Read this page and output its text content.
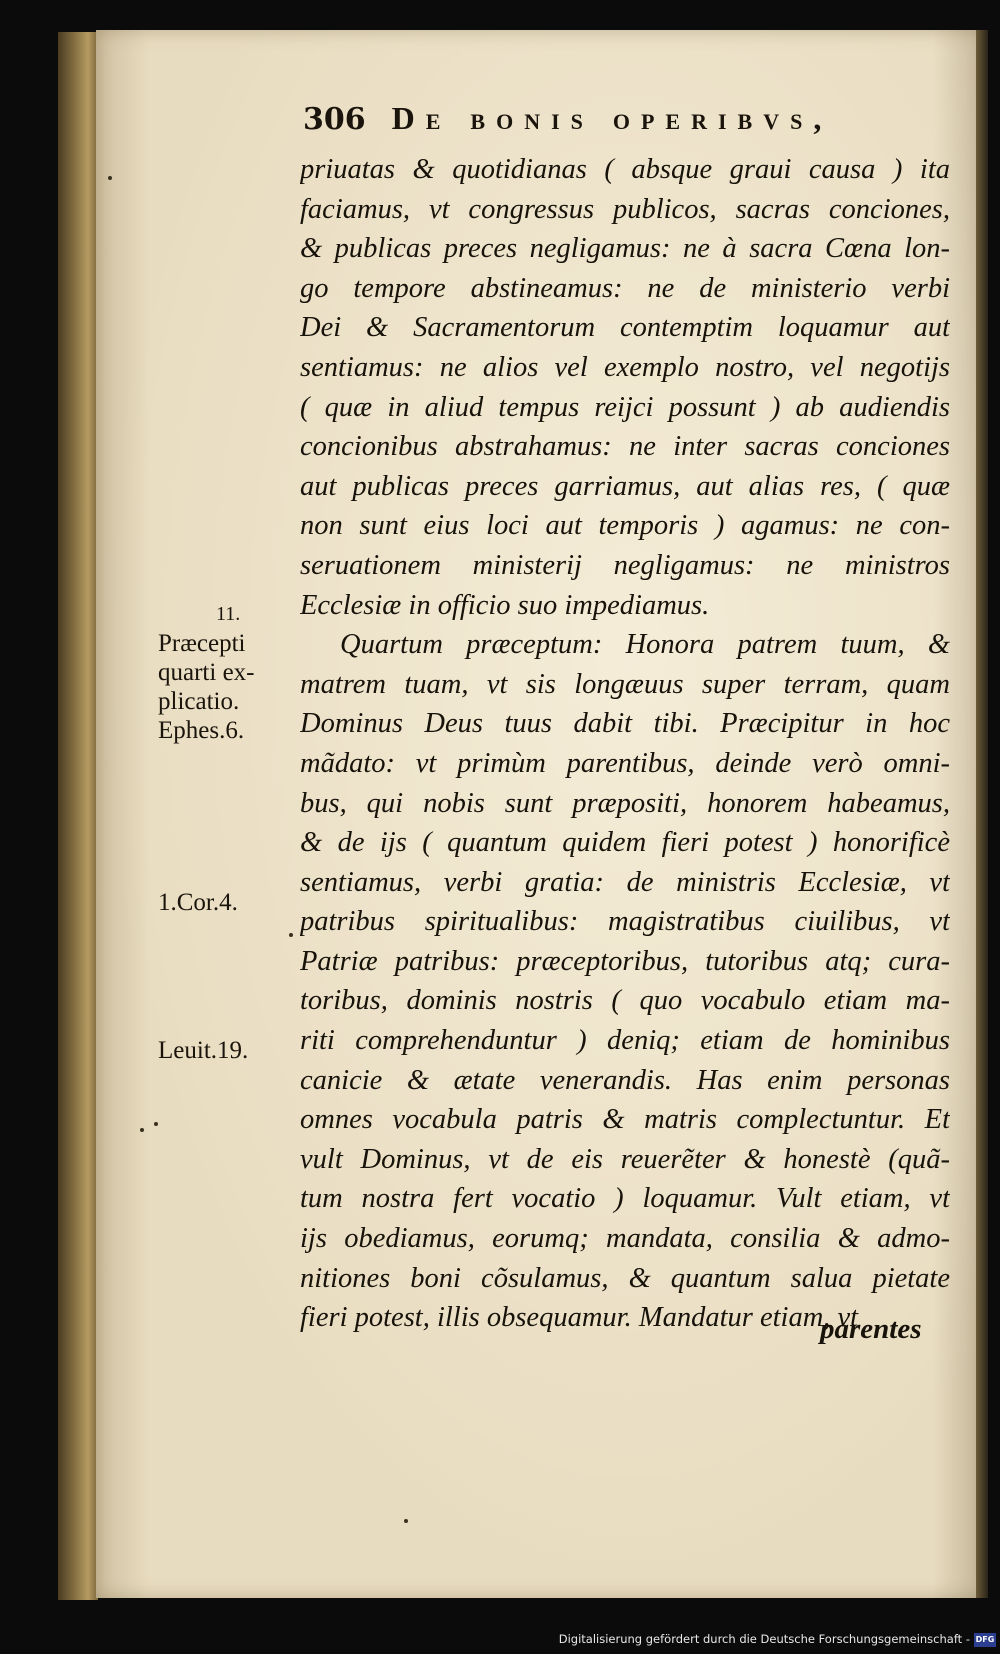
306 De bonis operibvs,
priuatas & quotidianas ( absque graui causa ) ita
faciamus, vt congressus publicos, sacras conciones,
& publicas preces negligamus: ne à sacra Cœna lon-
go tempore abstineamus: ne de ministerio verbi
Dei & Sacramentorum contemptim loquamur aut
sentiamus: ne alios vel exemplo nostro, vel negotijs
( quæ in aliud tempus reijci possunt ) ab audiendis
concionibus abstrahamus: ne inter sacras conciones
aut publicas preces garriamus, aut alias res, ( quæ
non sunt eius loci aut temporis ) agamus: ne con-
seruationem ministerij negligamus: ne ministros
Ecclesiæ in officio suo impediamus.
Quartum præceptum: Honora patrem tuum, &
matrem tuam, vt sis longæuus super terram, quam
Dominus Deus tuus dabit tibi. Præcipitur in hoc
mãdato: vt primùm parentibus, deinde verò omni-
bus, qui nobis sunt præpositi, honorem habeamus,
& de ijs ( quantum quidem fieri potest ) honorificè
sentiamus, verbi gratia: de ministris Ecclesiæ, vt
patribus spiritualibus: magistratibus ciuilibus, vt
Patriæ patribus: præceptoribus, tutoribus atq; cura-
toribus, dominis nostris ( quo vocabulo etiam ma-
riti comprehenduntur ) deniq; etiam de hominibus
canicie & ætate venerandis. Has enim personas
omnes vocabula patris & matris complectuntur. Et
vult Dominus, vt de eis reuerẽter & honestè (quã-
tum nostra fert vocatio ) loquamur. Vult etiam, vt
ijs obediamus, eorumq; mandata, consilia & admo-
nitiones boni cõsulamus, & quantum salua pietate
fieri potest, illis obsequamur. Mandatur etiam, vt
parentes
11.
Præcepti
quarti ex-
plicatio.
Ephes.6.
1.Cor.4.
Leuit.19.
Digitalisierung gefördert durch die Deutsche Forschungsgemeinschaft - DFG
